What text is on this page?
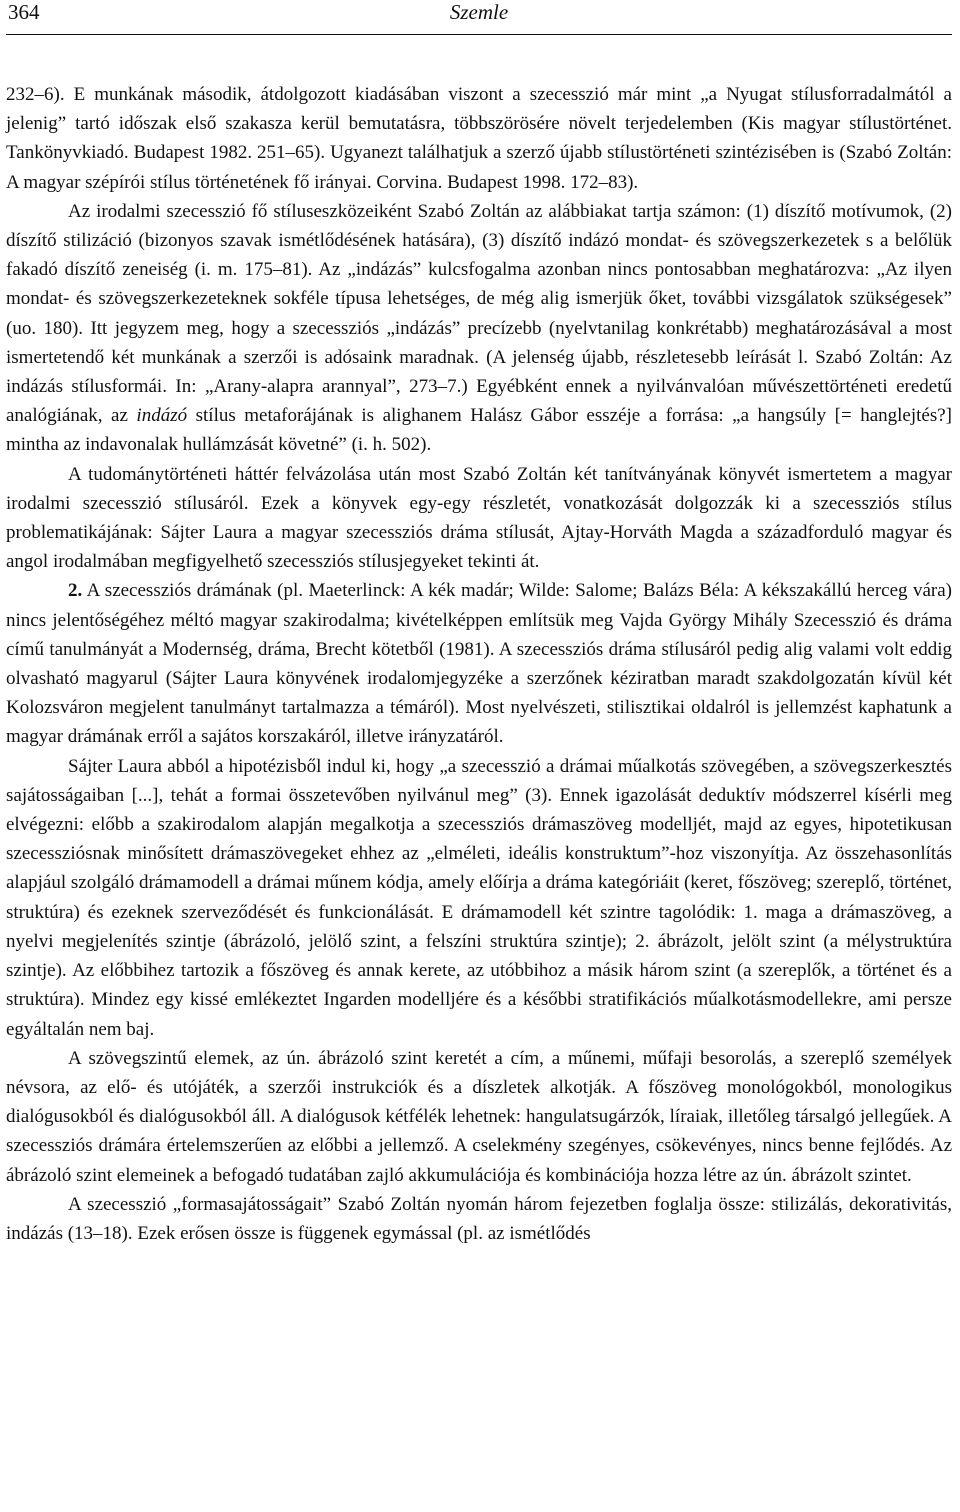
364	Szemle

232–6). E munkának második, átdolgozott kiadásában viszont a szecesszió már mint „a Nyugat stílusforradalmától a jelenig” tartó időszak első szakasza kerül bemutatásra, többszörösére növelt terjedelemben (Kis magyar stílustörténet. Tankönyvkiadó. Budapest 1982. 251–65). Ugyanezt találhatjuk a szerző újabb stílustörténeti szintézisében is (Szabó Zoltán: A magyar szépírói stílus történetének fő irányai. Corvina. Budapest 1998. 172–83).

Az irodalmi szecesszió fő stíluseszközeiként Szabó Zoltán az alábbiakat tartja számon: (1) díszítő motívumok, (2) díszítő stilizáció (bizonyos szavak ismétlődésének hatására), (3) díszítő indázó mondat- és szövegszerkezetek s a belőlük fakadó díszítő zeneiség (i. m. 175–81). Az „indázás” kulcsfogalma azonban nincs pontosabban meghatározva: „Az ilyen mondat- és szövegszerkezeteknek sokféle típusa lehetséges, de még alig ismerjük őket, további vizsgálatok szükségesek” (uo. 180). Itt jegyzem meg, hogy a szecessziós „indázás” precízebb (nyelvtanilag konkrétabb) meghatározásával a most ismertetendő két munkának a szerzői is adósaink maradnak. (A jelenség újabb, részletesebb leírását l. Szabó Zoltán: Az indázás stílusformái. In: „Arany-alapra arannyal”, 273–7.) Egyébként ennek a nyilvánvalóan művészettörténeti eredetű analógiának, az indázó stílus metaforájának is alighanem Halász Gábor esszéje a forrása: „a hangsúly [= hanglejtés?] mintha az indavonalak hullámzását követné” (i. h. 502).

A tudománytörténeti háttér felvázolása után most Szabó Zoltán két tanítványának könyvét ismertetem a magyar irodalmi szecesszió stílusáról. Ezek a könyvek egy-egy részletét, vonatkozását dolgozzák ki a szecessziós stílus problematikájának: Sájter Laura a magyar szecessziós dráma stílusát, Ajtay-Horváth Magda a századforduló magyar és angol irodalmában megfigyelhető szecessziós stílusjegyeket tekinti át.

2. A szecessziós drámának (pl. Maeterlinck: A kék madár; Wilde: Salome; Balázs Béla: A kékszakállú herceg vára) nincs jelentőségéhez méltó magyar szakirodalma; kivételképpen említsük meg Vajda György Mihály Szecesszió és dráma című tanulmányát a Modernség, dráma, Brecht kötetből (1981). A szecessziós dráma stílusáról pedig alig valami volt eddig olvasható magyarul (Sájter Laura könyvének irodalomjegyzéke a szerzőnek kéziratban maradt szakdolgozatán kívül két Kolozsváron megjelent tanulmányt tartalmazza a témáról). Most nyelvészeti, stilisztikai oldalról is jellemzést kaphatunk a magyar drámának erről a sajátos korszakáról, illetve irányzatáról.

Sájter Laura abból a hipotézisből indul ki, hogy „a szecesszió a drámai műalkotás szövegében, a szövegszerkesztés sajátosságaiban [...], tehát a formai összetevőben nyilvánul meg” (3). Ennek igazolását deduktív módszerrel kísérli meg elvégezni: előbb a szakirodalom alapján megalkotja a szecessziós drámaszöveg modelljét, majd az egyes, hipotetikusan szecessziósnak minősített drámaszövegeket ehhez az „elméleti, ideális konstruktum”-hoz viszonyítja. Az összehasonlítás alapjául szolgáló drámamodell a drámai műnem kódja, amely előírja a dráma kategóriáit (keret, főszöveg; szereplő, történet, struktúra) és ezeknek szerveződését és funkcionálását. E drámamodell két szintre tagolódik: 1. maga a drámaszöveg, a nyelvi megjelenítés szintje (ábrázoló, jelölő szint, a felszíni struktúra szintje); 2. ábrázolt, jelölt szint (a mélystruktúra szintje). Az előbbihez tartozik a főszöveg és annak kerete, az utóbbihoz a másik három szint (a szereplők, a történet és a struktúra). Mindez egy kissé emlékeztet Ingarden modelljére és a későbbi stratifikációs műalkotásmodellekre, ami persze egyáltalán nem baj.

A szövegszintű elemek, az ún. ábrázoló szint keretét a cím, a műnemi, műfaji besorolás, a szereplő személyek névsora, az elő- és utójáték, a szerzői instrukciók és a díszletek alkotják. A főszöveg monológokból, monologikus dialógusokból és dialógusokból áll. A dialógusok kétfélék lehetnek: hangulatsugárzók, líraiak, illetőleg társalgó jellegűek. A szecessziós drámára értelemszerűen az előbbi a jellemző. A cselekmény szegényes, csökevényes, nincs benne fejlődés. Az ábrázoló szint elemeinek a befogadó tudatában zajló akkumulációja és kombinációja hozza létre az ún. ábrázolt szintet.

A szecesszió „formasajátosságait” Szabó Zoltán nyomán három fejezetben foglalja össze: stilizálás, dekorativitás, indázás (13–18). Ezek erősen össze is függenek egymással (pl. az ismétlődés
